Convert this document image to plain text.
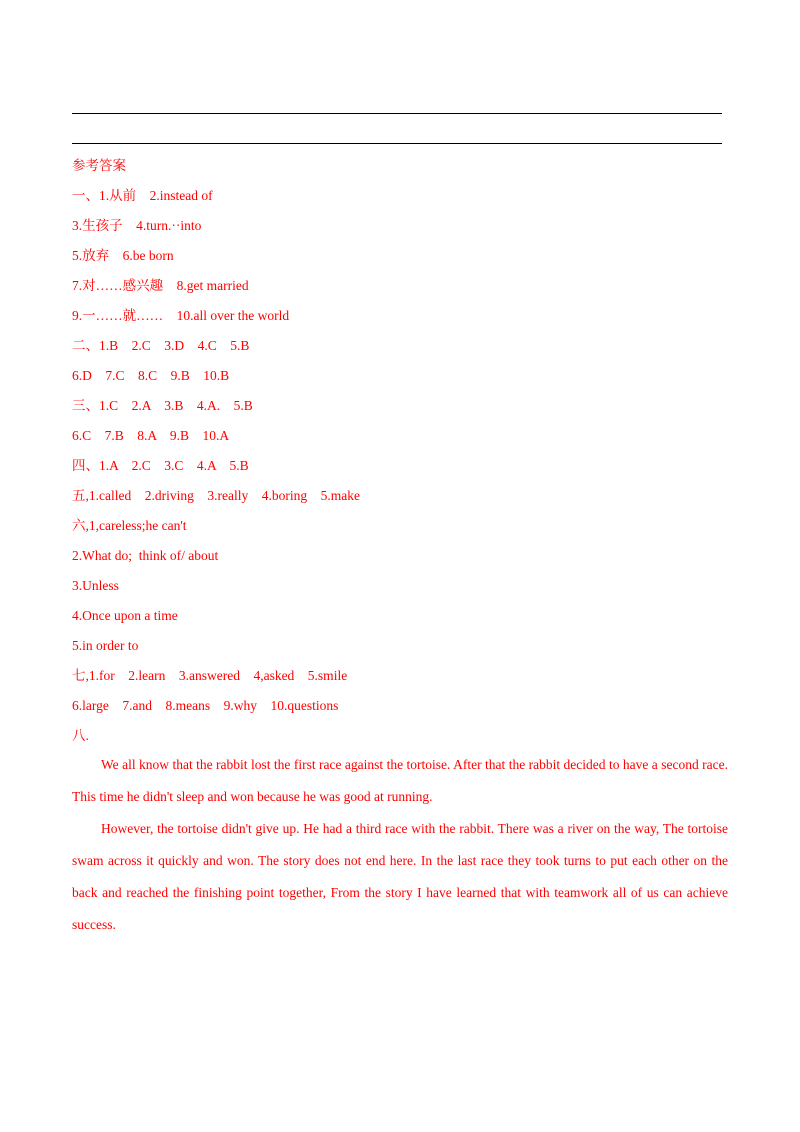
参考答案
一、1.从前    2.instead of
3.生孩子    4.turn.··into
5.放弃    6.be born
7.对……感兴趣    8.get married
9.一……就……    10.all over the world
二、1.B    2.C    3.D    4.C    5.B
6.D    7.C    8.C    9.B    10.B
三、1.C    2.A    3.B    4.A.    5.B
6.C    7.B    8.A    9.B    10.A
四、1.A    2.C    3.C    4.A    5.B
五,1.called    2.driving    3.really    4.boring    5.make
六,1,careless;he can't
2.What do;  think of/ about
3.Unless
4.Once upon a time
5.in order to
七,1.for    2.learn    3.answered    4,asked    5.smile
6.large    7.and    8.means    9.why    10.questions
八.

We all know that the rabbit lost the first race against the tortoise. After that the rabbit decided to have a second race. This time he didn't sleep and won because he was good at running.

However, the tortoise didn't give up. He had a third race with the rabbit. There was a river on the way, The tortoise swam across it quickly and won. The story does not end here. In the last race they took turns to put each other on the back and reached the finishing point together, From the story I have learned that with teamwork all of us can achieve success.
